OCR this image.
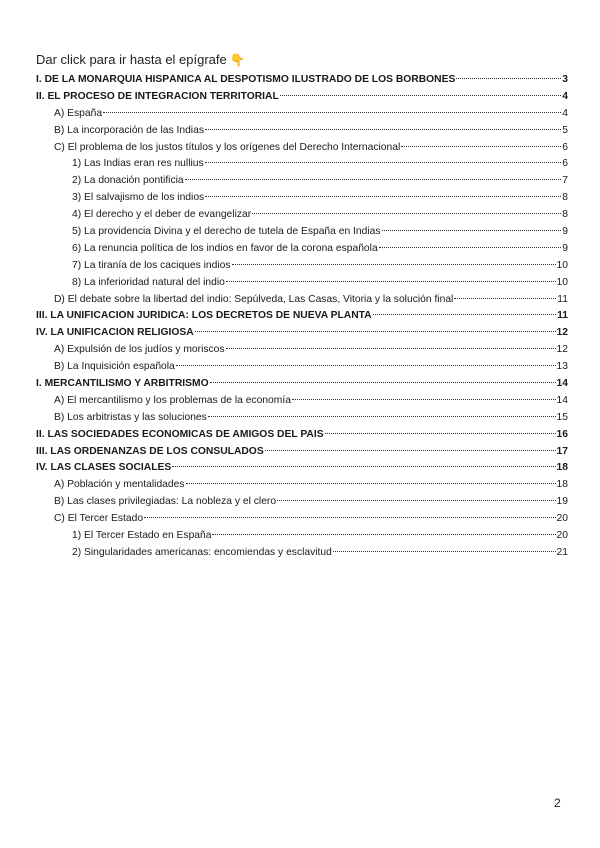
Dar click para ir hasta el epígrafe 👇
I. DE LA MONARQUÍA HISPÁNICA AL DESPOTISMO ILUSTRADO DE LOS BORBONES	3
II. EL PROCESO DE INTEGRACIÓN TERRITORIAL	4
A) España	4
B) La incorporación de las Indias	5
C) El problema de los justos títulos y los orígenes del Derecho Internacional	6
1) Las Indias eran res nullius	6
2) La donación pontificia	7
3) El salvajismo de los indios	8
4) El derecho y el deber de evangelizar	8
5) La providencia Divina y el derecho de tutela de España en Indias	9
6) La renuncia política de los indios en favor de la corona española	9
7) La tiranía de los caciques indios	10
8) La inferioridad natural del indio	10
D) El debate sobre la libertad del indio: Sepúlveda, Las Casas, Vitoria y la solución final	11
III. LA UNIFICACIÓN JURÍDICA: LOS DECRETOS DE NUEVA PLANTA	11
IV. LA UNIFICACIÓN RELIGIOSA	12
A) Expulsión de los judíos y moriscos	12
B) La Inquisición española	13
I. MERCANTILISMO Y ARBITRISMO	14
A) El mercantilismo y los problemas de la economía	14
B) Los arbitristas y las soluciones	15
II. LAS SOCIEDADES ECONÓMICAS DE AMIGOS DEL PAÍS	16
III. LAS ORDENANZAS DE LOS CONSULADOS	17
IV. LAS CLASES SOCIALES	18
A) Población y mentalidades	18
B) Las clases privilegiadas: La nobleza y el clero	19
C) El Tercer Estado	20
1) El Tercer Estado en España	20
2) Singularidades americanas: encomiendas y esclavitud	21
2
